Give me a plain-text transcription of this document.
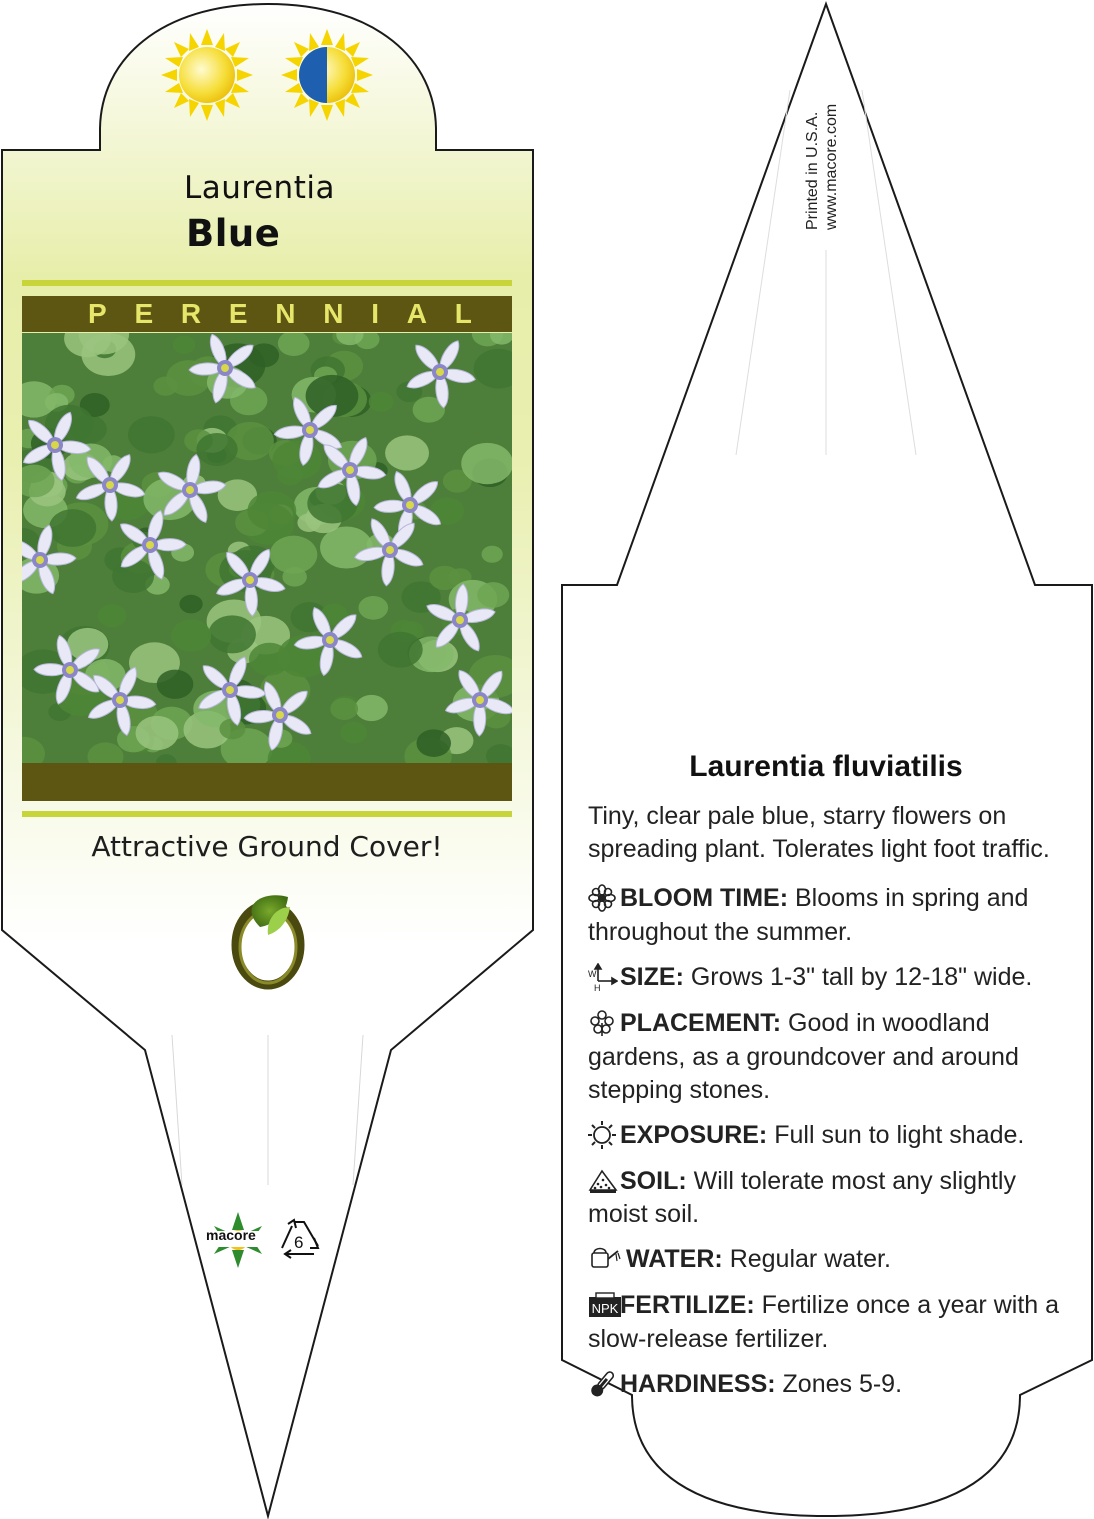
Laurentia
Blue
P E R E N N I A L
Attractive Ground Cover!
macore 6
Printed in U.S.A. www.macore.com
Laurentia fluviatilis
Tiny, clear pale blue, starry flowers on spreading plant. Tolerates light foot traffic.
BLOOM TIME: Blooms in spring and throughout the summer.
W
H SIZE: Grows 1-3" tall by 12-18" wide.
PLACEMENT: Good in woodland gardens, as a groundcover and around stepping stones.
EXPOSURE: Full sun to light shade.
SOIL: Will tolerate most any slightly moist soil.
WATER: Regular water.
NPK FERTILIZE: Fertilize once a year with a slow-release fertilizer.
HARDINESS: Zones 5-9.
